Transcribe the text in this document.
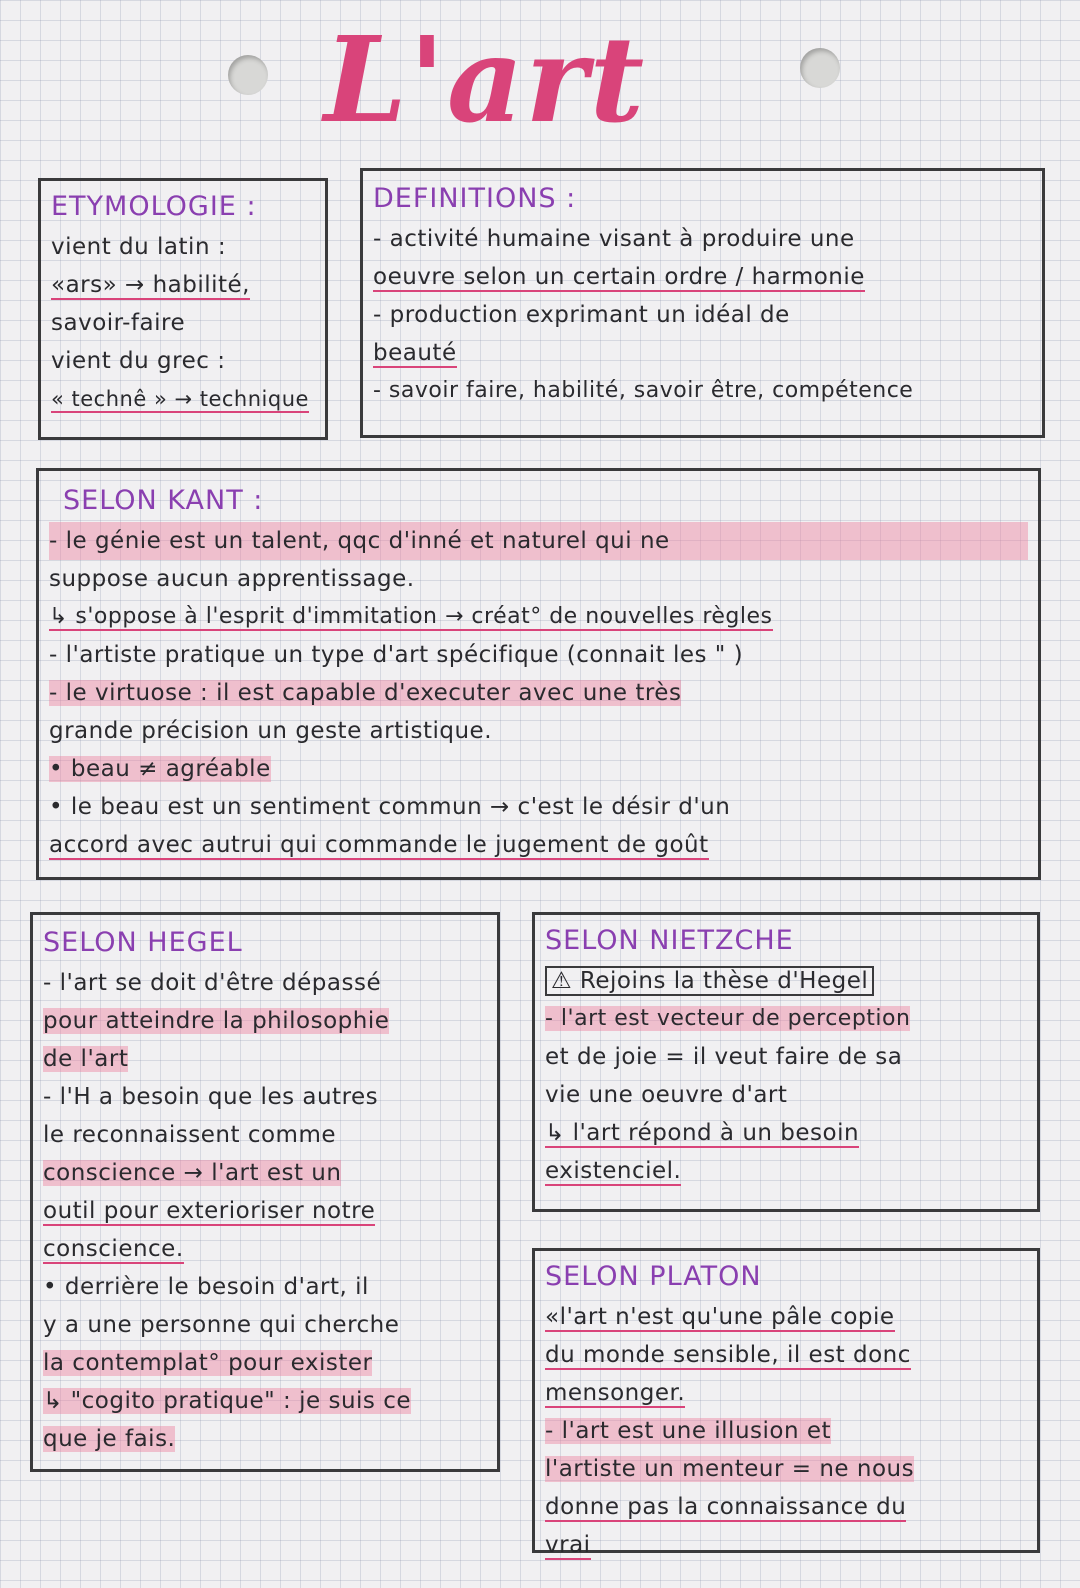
L'art
ETYMOLOGIE :

vient du latin :

«ars» → habilité,

savoir-faire

vient du grec :

« technê » → technique

DEFINITIONS :

- activité humaine visant à produire une

oeuvre selon un certain ordre / harmonie

- production exprimant un idéal de

beauté

- savoir faire, habilité, savoir être, compétence

SELON KANT :

- le génie est un talent, qqc d'inné et naturel qui ne

suppose aucun apprentissage.

↳ s'oppose à l'esprit d'immitation → créat° de nouvelles règles

- l'artiste pratique un type d'art spécifique (connait les " )

- le virtuose : il est capable d'executer avec une très

grande précision un geste artistique.

• beau ≠ agréable

• le beau est un sentiment commun → c'est le désir d'un

accord avec autrui qui commande le jugement de goût

SELON HEGEL

- l'art se doit d'être dépassé

pour atteindre la philosophie

de l'art

- l'H a besoin que les autres

le reconnaissent comme

conscience → l'art est un

outil pour exterioriser notre

conscience.

• derrière le besoin d'art, il

y a une personne qui cherche

la contemplat° pour exister

↳ "cogito pratique" : je suis ce

que je fais.

SELON NIETZCHE

⚠ Rejoins la thèse d'Hegel

- l'art est vecteur de perception

et de joie = il veut faire de sa

vie une oeuvre d'art

↳ l'art répond à un besoin

existenciel.

SELON PLATON

«l'art n'est qu'une pâle copie

du monde sensible, il est donc

mensonger.

- l'art est une illusion et

l'artiste un menteur = ne nous

donne pas la connaissance du

vrai
